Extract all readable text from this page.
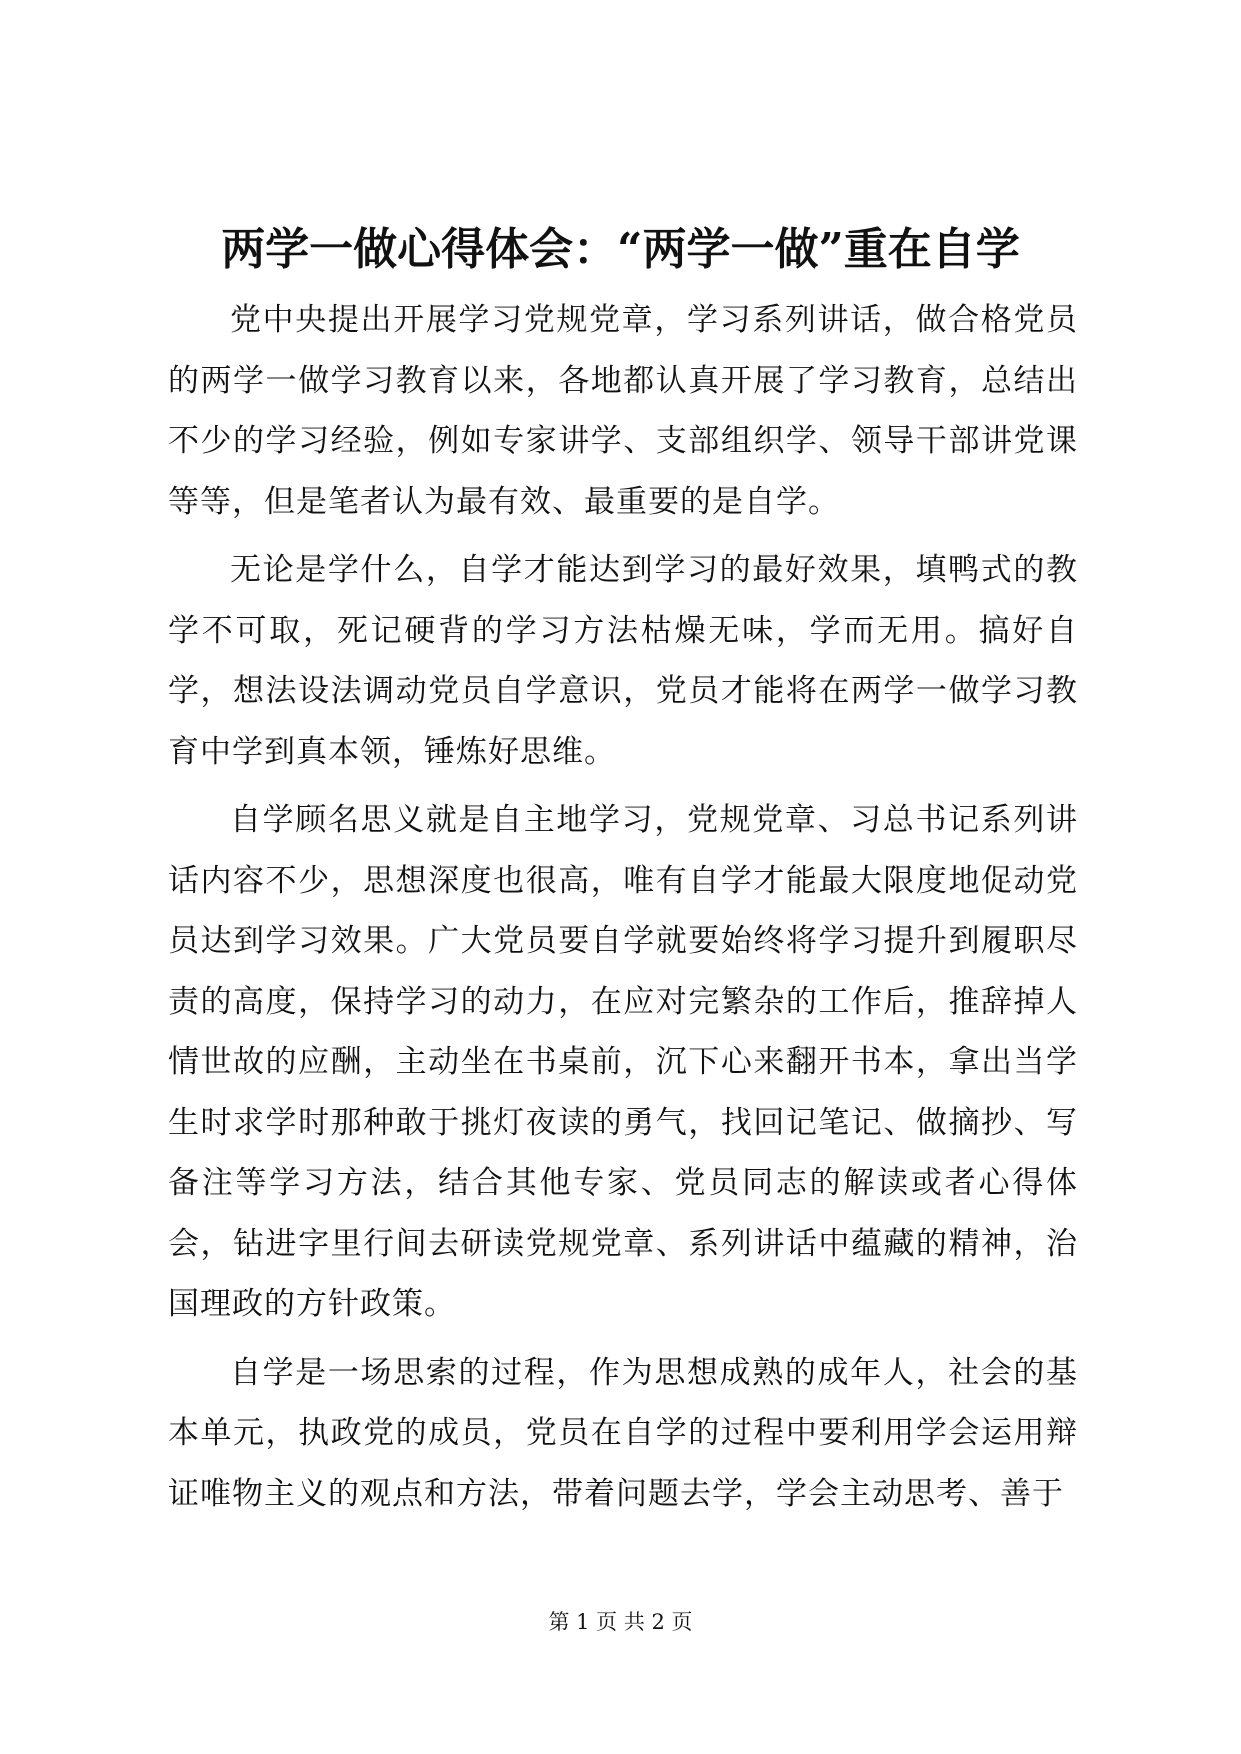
两学一做心得体会：“两学一做”重在自学

党中央提出开展学习党规党章，学习系列讲话，做合格党员的两学一做学习教育以来，各地都认真开展了学习教育，总结出不少的学习经验，例如专家讲学、支部组织学、领导干部讲党课等等，但是笔者认为最有效、最重要的是自学。

无论是学什么，自学才能达到学习的最好效果，填鸭式的教学不可取，死记硬背的学习方法枯燥无味，学而无用。搞好自学，想法设法调动党员自学意识，党员才能将在两学一做学习教育中学到真本领，锤炼好思维。

自学顾名思义就是自主地学习，党规党章、习总书记系列讲话内容不少，思想深度也很高，唯有自学才能最大限度地促动党员达到学习效果。广大党员要自学就要始终将学习提升到履职尽责的高度，保持学习的动力，在应对完繁杂的工作后，推辞掉人情世故的应酬，主动坐在书桌前，沉下心来翻开书本，拿出当学生时求学时那种敢于挑灯夜读的勇气，找回记笔记、做摘抄、写备注等学习方法，结合其他专家、党员同志的解读或者心得体会，钻进字里行间去研读党规党章、系列讲话中蕴藏的精神，治国理政的方针政策。

自学是一场思索的过程，作为思想成熟的成年人，社会的基本单元，执政党的成员，党员在自学的过程中要利用学会运用辩证唯物主义的观点和方法，带着问题去学，学会主动思考、善于

第 1 页 共 2 页
